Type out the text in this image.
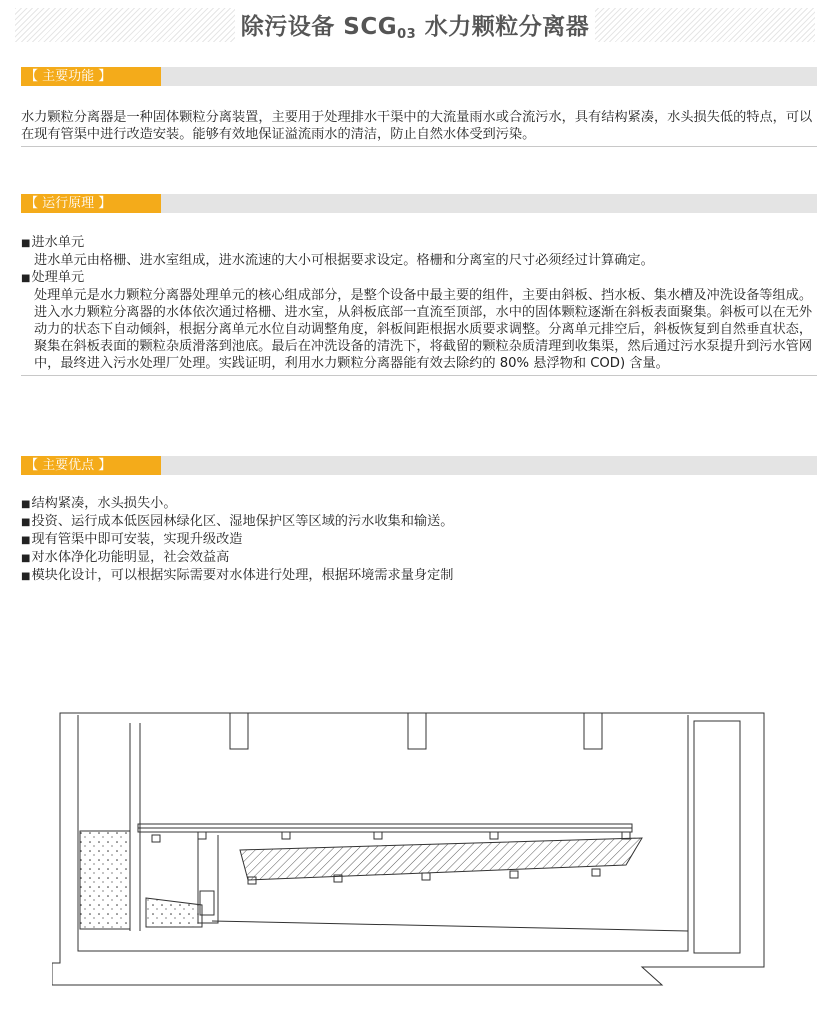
除污设备 $SCG_{03}$ 水力颗粒分离器
【 主要功能 】

水力颗粒分离器是一种固体颗粒分离装置，主要用于处理排水干渠中的大流量雨水或合流污水，具有结构紧凑，水头损失低的特点，可以在现有管渠中进行改造安装。能够有效地保证溢流雨水的清洁，防止自然水体受到污染。

【 运行原理 】

■ 进水单元

进水单元由格栅、进水室组成，进水流速的大小可根据要求设定。格栅和分离室的尺寸必须经过计算确定。

■ 处理单元

处理单元是水力颗粒分离器处理单元的核心组成部分，是整个设备中最主要的组件，主要由斜板、挡水板、集水槽及冲洗设备等组成。

进入水力颗粒分离器的水体依次通过格栅、进水室，从斜板底部一直流至顶部，水中的固体颗粒逐渐在斜板表面聚集。斜板可以在无外动力的状态下自动倾斜，根据分离单元水位自动调整角度，斜板间距根据水质要求调整。分离单元排空后，斜板恢复到自然垂直状态，聚集在斜板表面的颗粒杂质滑落到池底。最后在冲洗设备的清洗下，将截留的颗粒杂质清理到收集渠，然后通过污水泵提升到污水管网中，最终进入污水处理厂处理。实践证明，利用水力颗粒分离器能有效去除约的 80% 悬浮物和 COD) 含量。

【 主要优点 】

■ 结构紧凑，水头损失小。

■ 投资、运行成本低医园林绿化区、湿地保护区等区域的污水收集和输送。

■ 现有管渠中即可安装，实现升级改造

■ 对水体净化功能明显，社会效益高

■ 模块化设计，可以根据实际需要对水体进行处理，根据环境需求量身定制
